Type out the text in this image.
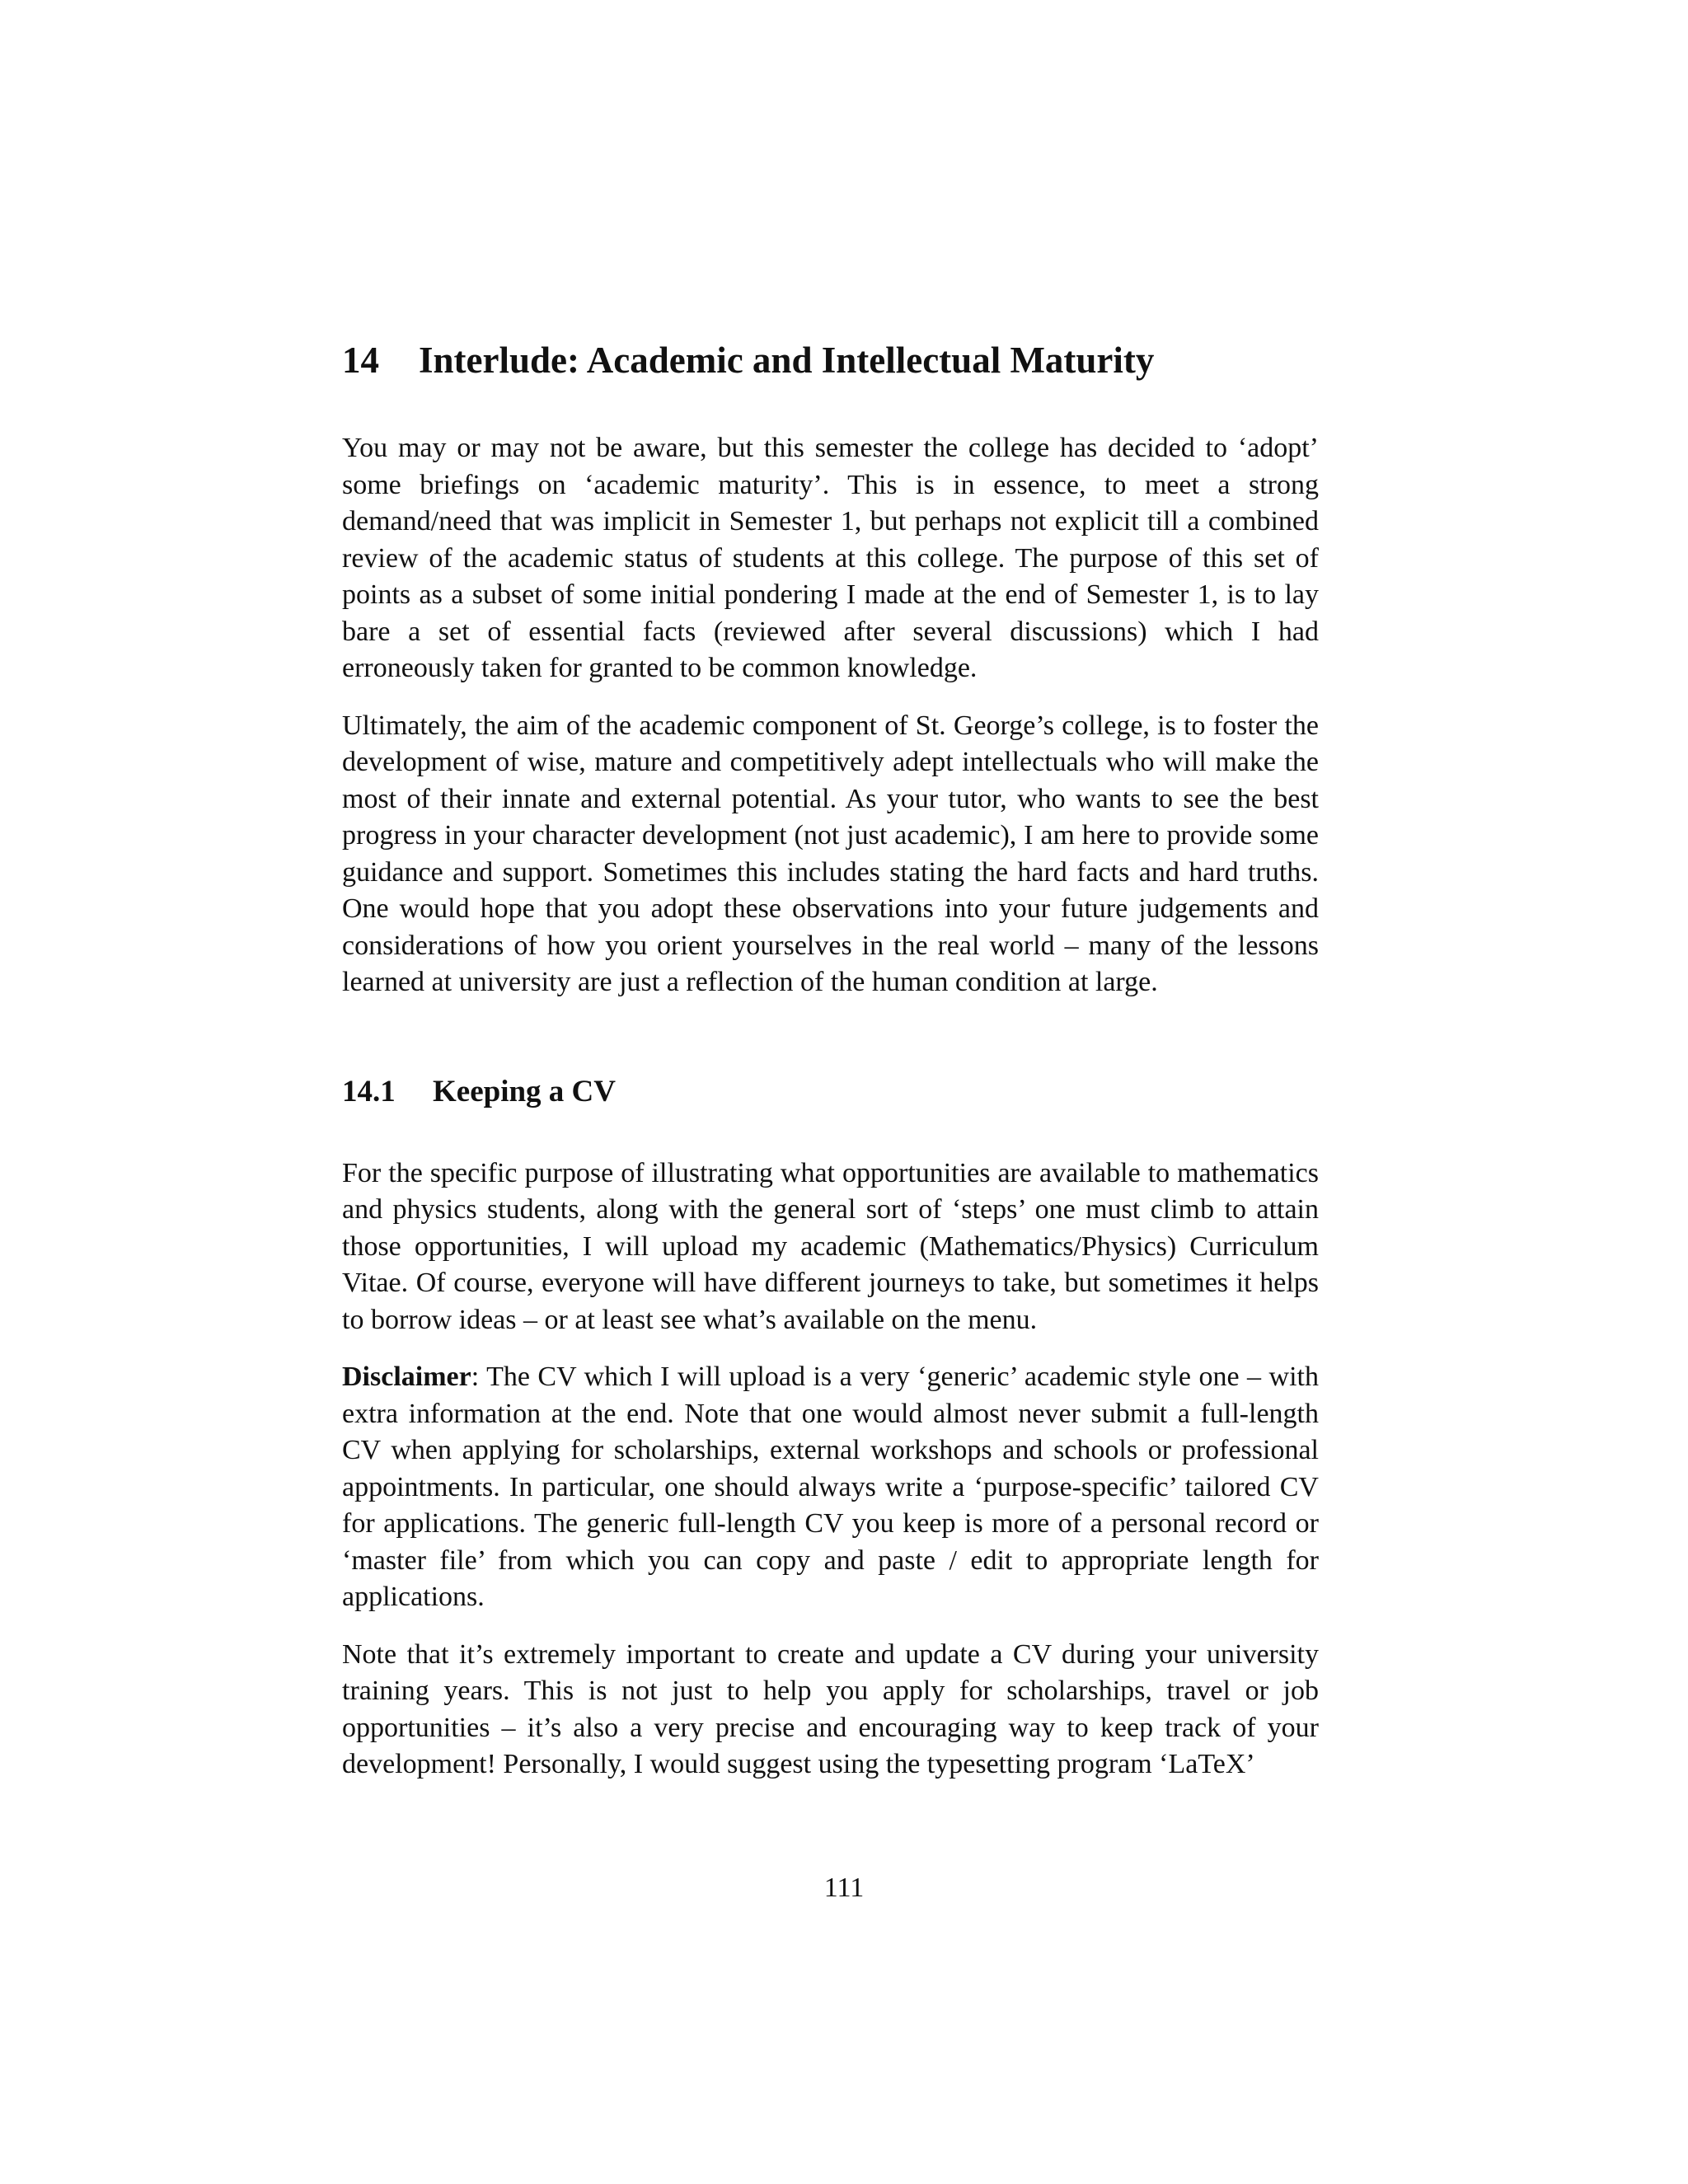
14 Interlude: Academic and Intellectual Maturity

You may or may not be aware, but this semester the college has decided to ‘adopt’ some briefings on ‘academic maturity’. This is in essence, to meet a strong demand/need that was implicit in Semester 1, but perhaps not explicit till a combined review of the academic status of students at this college. The purpose of this set of points as a subset of some initial pondering I made at the end of Semester 1, is to lay bare a set of essential facts (reviewed after several discussions) which I had erroneously taken for granted to be common knowledge.

Ultimately, the aim of the academic component of St. George’s college, is to foster the development of wise, mature and competitively adept intellectuals who will make the most of their innate and external potential. As your tutor, who wants to see the best progress in your character development (not just academic), I am here to provide some guidance and support. Sometimes this includes stating the hard facts and hard truths. One would hope that you adopt these observations into your future judgements and considerations of how you orient yourselves in the real world – many of the lessons learned at university are just a reflection of the human condition at large.

14.1 Keeping a CV

For the specific purpose of illustrating what opportunities are available to mathematics and physics students, along with the general sort of ‘steps’ one must climb to attain those opportunities, I will upload my academic (Mathematics/Physics) Curriculum Vitae. Of course, everyone will have different journeys to take, but sometimes it helps to borrow ideas – or at least see what’s available on the menu.

Disclaimer: The CV which I will upload is a very ‘generic’ academic style one – with extra information at the end. Note that one would almost never submit a full-length CV when applying for scholarships, external workshops and schools or professional appointments. In particular, one should always write a ‘purpose-specific’ tailored CV for applications. The generic full-length CV you keep is more of a personal record or ‘master file’ from which you can copy and paste / edit to appropriate length for applications.

Note that it’s extremely important to create and update a CV during your university training years. This is not just to help you apply for scholarships, travel or job opportunities – it’s also a very precise and encouraging way to keep track of your development! Personally, I would suggest using the typesetting program ‘LaTeX’

111
